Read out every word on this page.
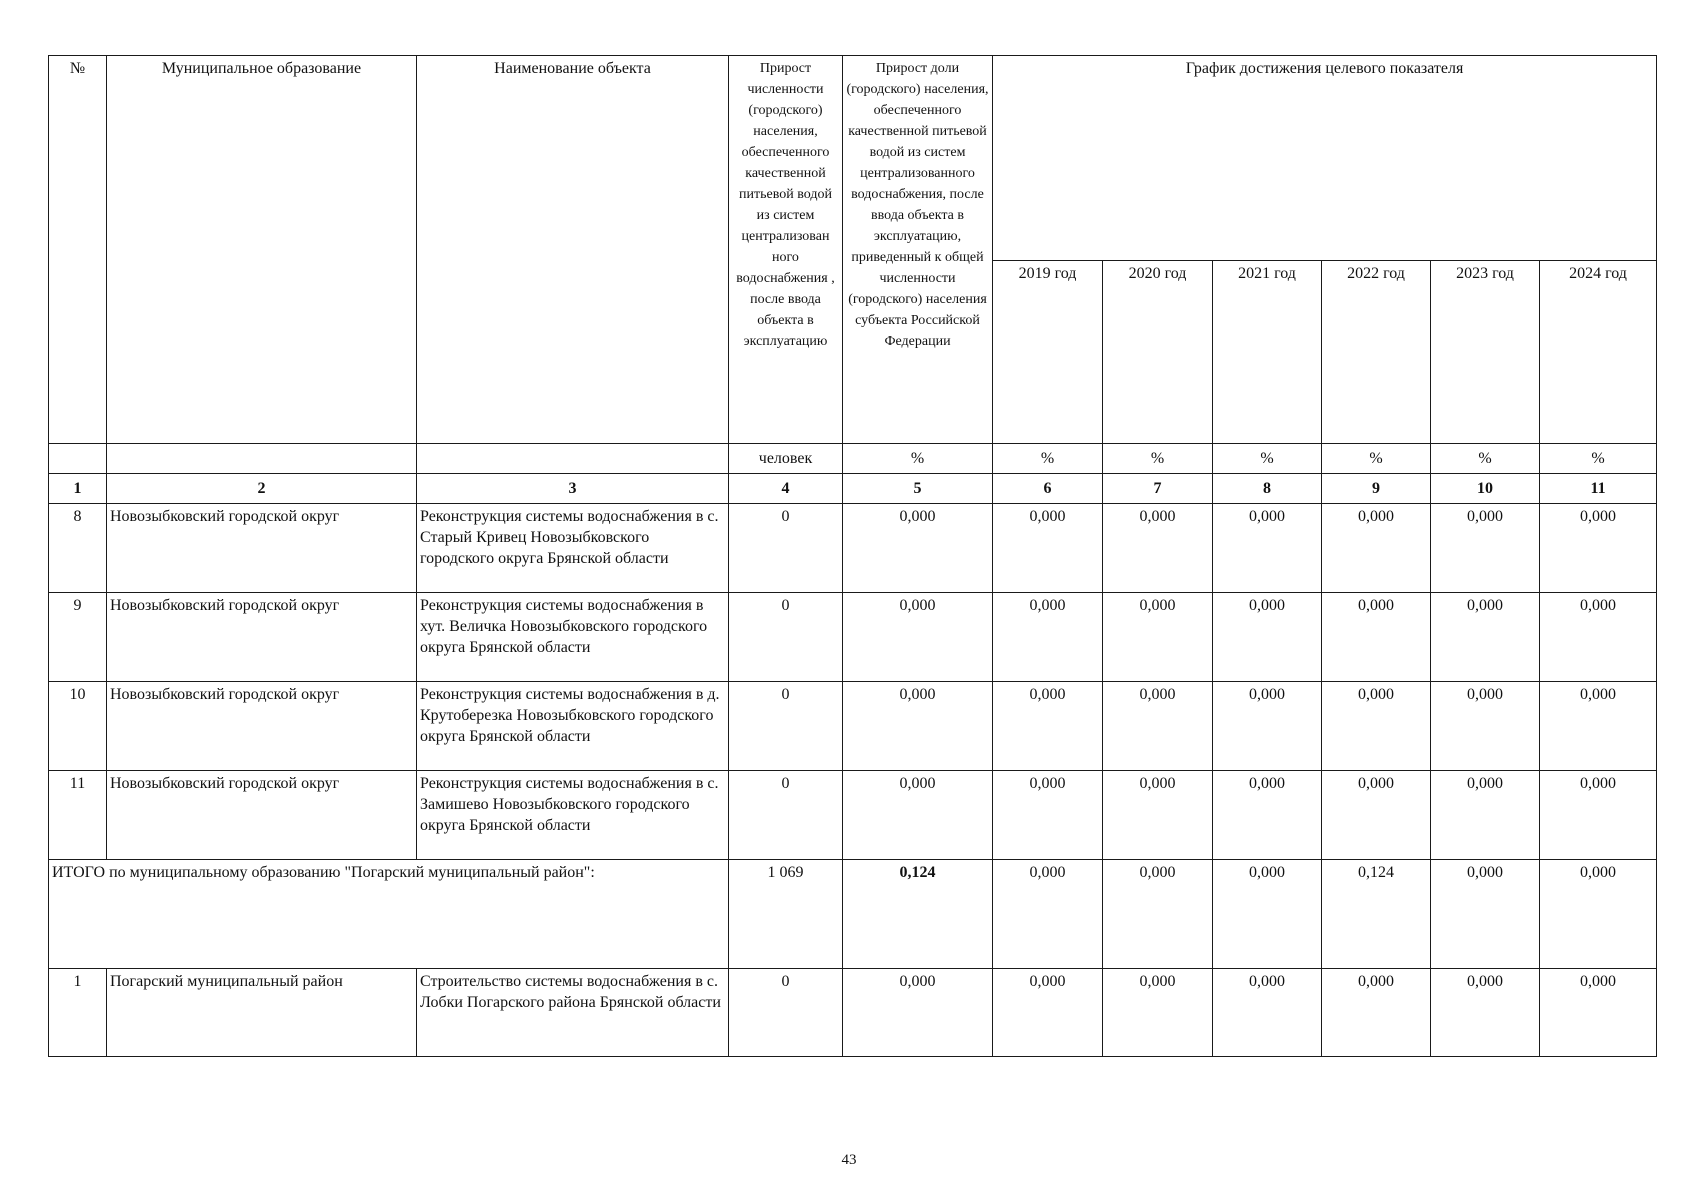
№	Муниципальное образование	Наименование объекта	Прирост численности (городского) населения, обеспеченного качественной питьевой водой из систем централизован ного водоснабжения , после ввода объекта в эксплуатацию	Прирост доли (городского) населения, обеспеченного качественной питьевой водой из систем централизованного водоснабжения, после ввода объекта в эксплуатацию, приведенный к общей численности (городского) населения субъекта Российской Федерации	График достижения целевого показателя					
					2019 год	2020 год	2021 год	2022 год	2023 год	2024 год
			человек	%	%	%	%	%	%	%
1	2	3	4	5	6	7	8	9	10	11
8	Новозыбковский городской округ	Реконструкция системы водоснабжения в с. Старый Кривец Новозыбковского городского округа Брянской области	0	0,000	0,000	0,000	0,000	0,000	0,000	0,000
9	Новозыбковский городской округ	Реконструкция системы водоснабжения в хут. Величка Новозыбковского городского округа Брянской области	0	0,000	0,000	0,000	0,000	0,000	0,000	0,000
10	Новозыбковский городской округ	Реконструкция системы водоснабжения в д. Крутоберезка Новозыбковского городского округа Брянской области	0	0,000	0,000	0,000	0,000	0,000	0,000	0,000
11	Новозыбковский городской округ	Реконструкция системы водоснабжения в с. Замишево Новозыбковского городского округа Брянской области	0	0,000	0,000	0,000	0,000	0,000	0,000	0,000
ИТОГО по муниципальному образованию "Погарский муниципальный район":			1 069	0,124	0,000	0,000	0,000	0,124	0,000	0,000
1	Погарский муниципальный район	Строительство системы водоснабжения в с. Лобки Погарского района Брянской области	0	0,000	0,000	0,000	0,000	0,000	0,000	0,000
43
